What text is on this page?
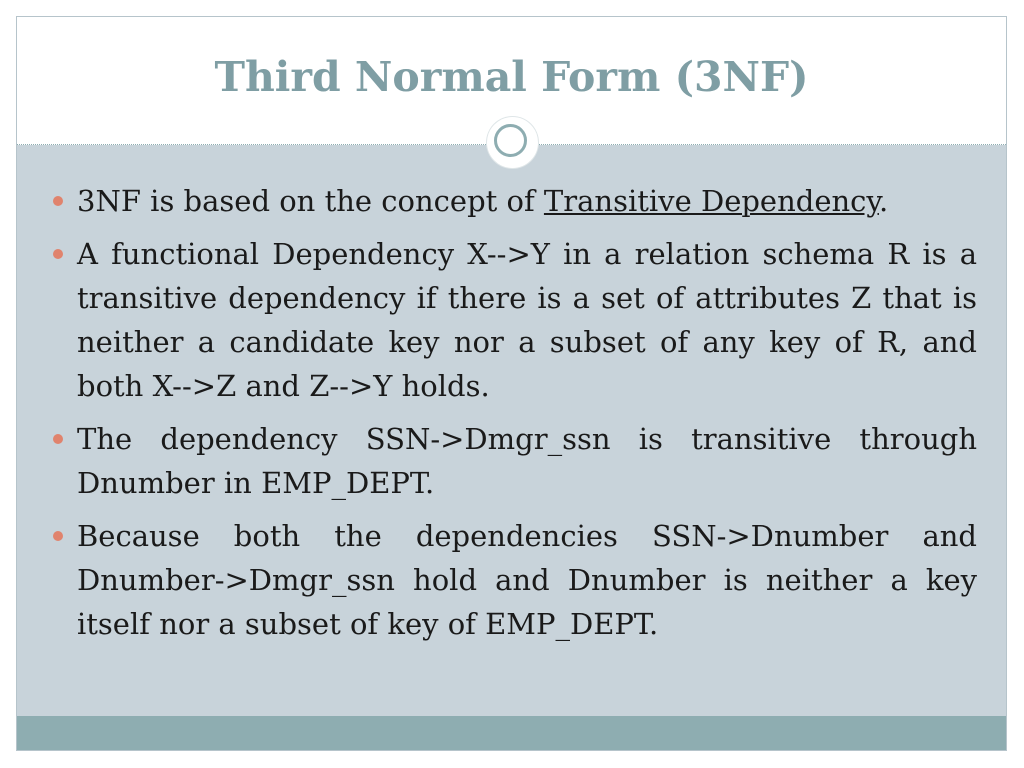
Third Normal Form (3NF)
3NF is based on the concept of Transitive Dependency.
A functional Dependency X-->Y in a relation schema R is a transitive dependency if there is a set of attributes Z that is neither a candidate key nor a subset of any key of R, and both X-->Z and Z-->Y holds.
The dependency SSN->Dmgr_ssn is transitive through Dnumber in EMP_DEPT.
Because both the dependencies SSN->Dnumber and Dnumber->Dmgr_ssn hold and Dnumber is neither a key itself nor a subset of key of EMP_DEPT.
